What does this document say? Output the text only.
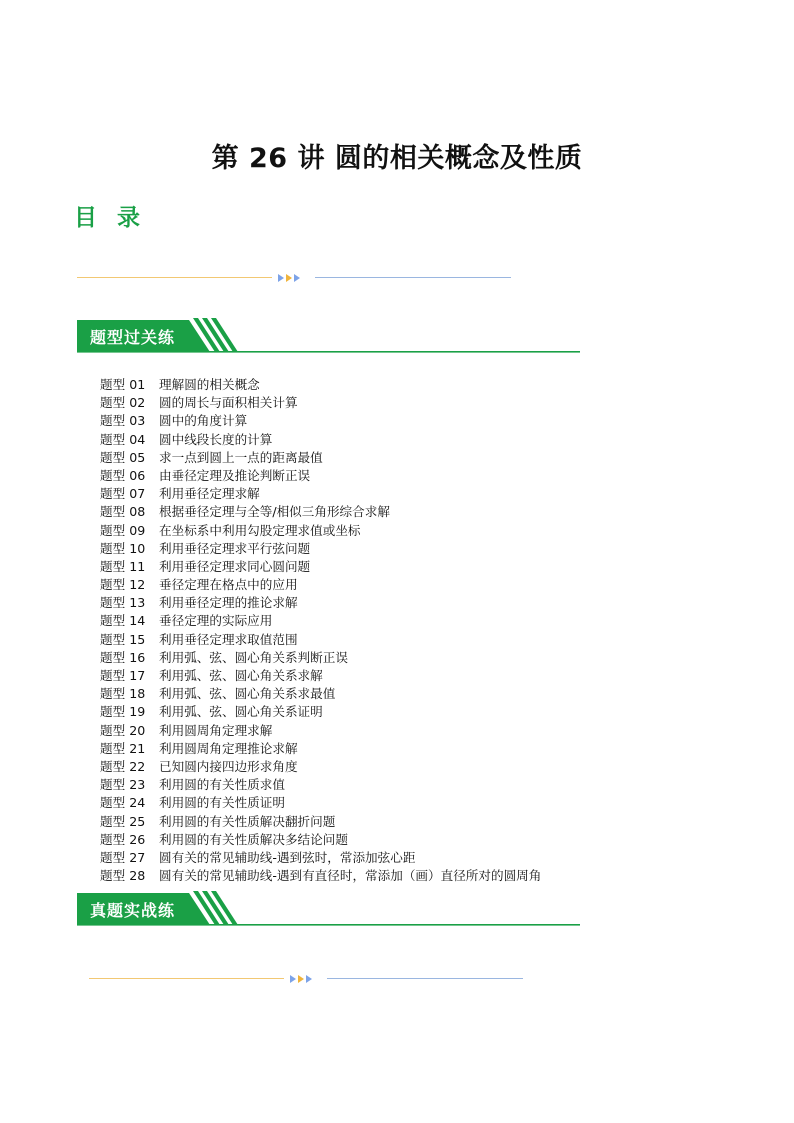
第 26 讲 圆的相关概念及性质
目 录
题型过关练
题型 01 理解圆的相关概念
题型 02 圆的周长与面积相关计算
题型 03 圆中的角度计算
题型 04 圆中线段长度的计算
题型 05 求一点到圆上一点的距离最值
题型 06 由垂径定理及推论判断正误
题型 07 利用垂径定理求解
题型 08 根据垂径定理与全等/相似三角形综合求解
题型 09 在坐标系中利用勾股定理求值或坐标
题型 10 利用垂径定理求平行弦问题
题型 11 利用垂径定理求同心圆问题
题型 12 垂径定理在格点中的应用
题型 13 利用垂径定理的推论求解
题型 14 垂径定理的实际应用
题型 15 利用垂径定理求取值范围
题型 16 利用弧、弦、圆心角关系判断正误
题型 17 利用弧、弦、圆心角关系求解
题型 18 利用弧、弦、圆心角关系求最值
题型 19 利用弧、弦、圆心角关系证明
题型 20 利用圆周角定理求解
题型 21 利用圆周角定理推论求解
题型 22 已知圆内接四边形求角度
题型 23 利用圆的有关性质求值
题型 24 利用圆的有关性质证明
题型 25 利用圆的有关性质解决翻折问题
题型 26 利用圆的有关性质解决多结论问题
题型 27 圆有关的常见辅助线-遇到弦时，常添加弦心距
题型 28 圆有关的常见辅助线-遇到有直径时，常添加（画）直径所对的圆周角
真题实战练
